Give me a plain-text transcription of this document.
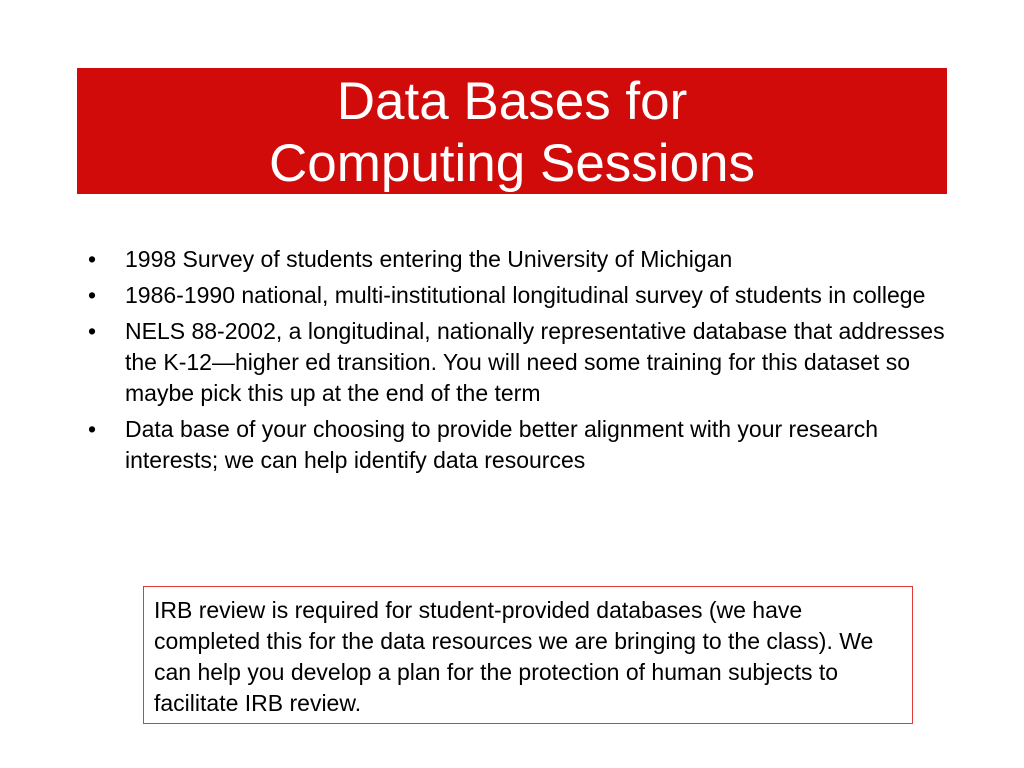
Data Bases for
Computing Sessions
•	1998 Survey of students entering the University of Michigan
•	1986-1990 national, multi-institutional longitudinal survey of students in college
•	NELS 88-2002, a longitudinal, nationally representative database that addresses the K-12—higher ed transition. You will need some training for this dataset so maybe pick this up at the end of the term
•	Data base of your choosing to provide better alignment with your research interests; we can help identify data resources

IRB review is required for student-provided databases (we have completed this for the data resources we are bringing to the class). We can help you develop a plan for the protection of human subjects to facilitate IRB review.
